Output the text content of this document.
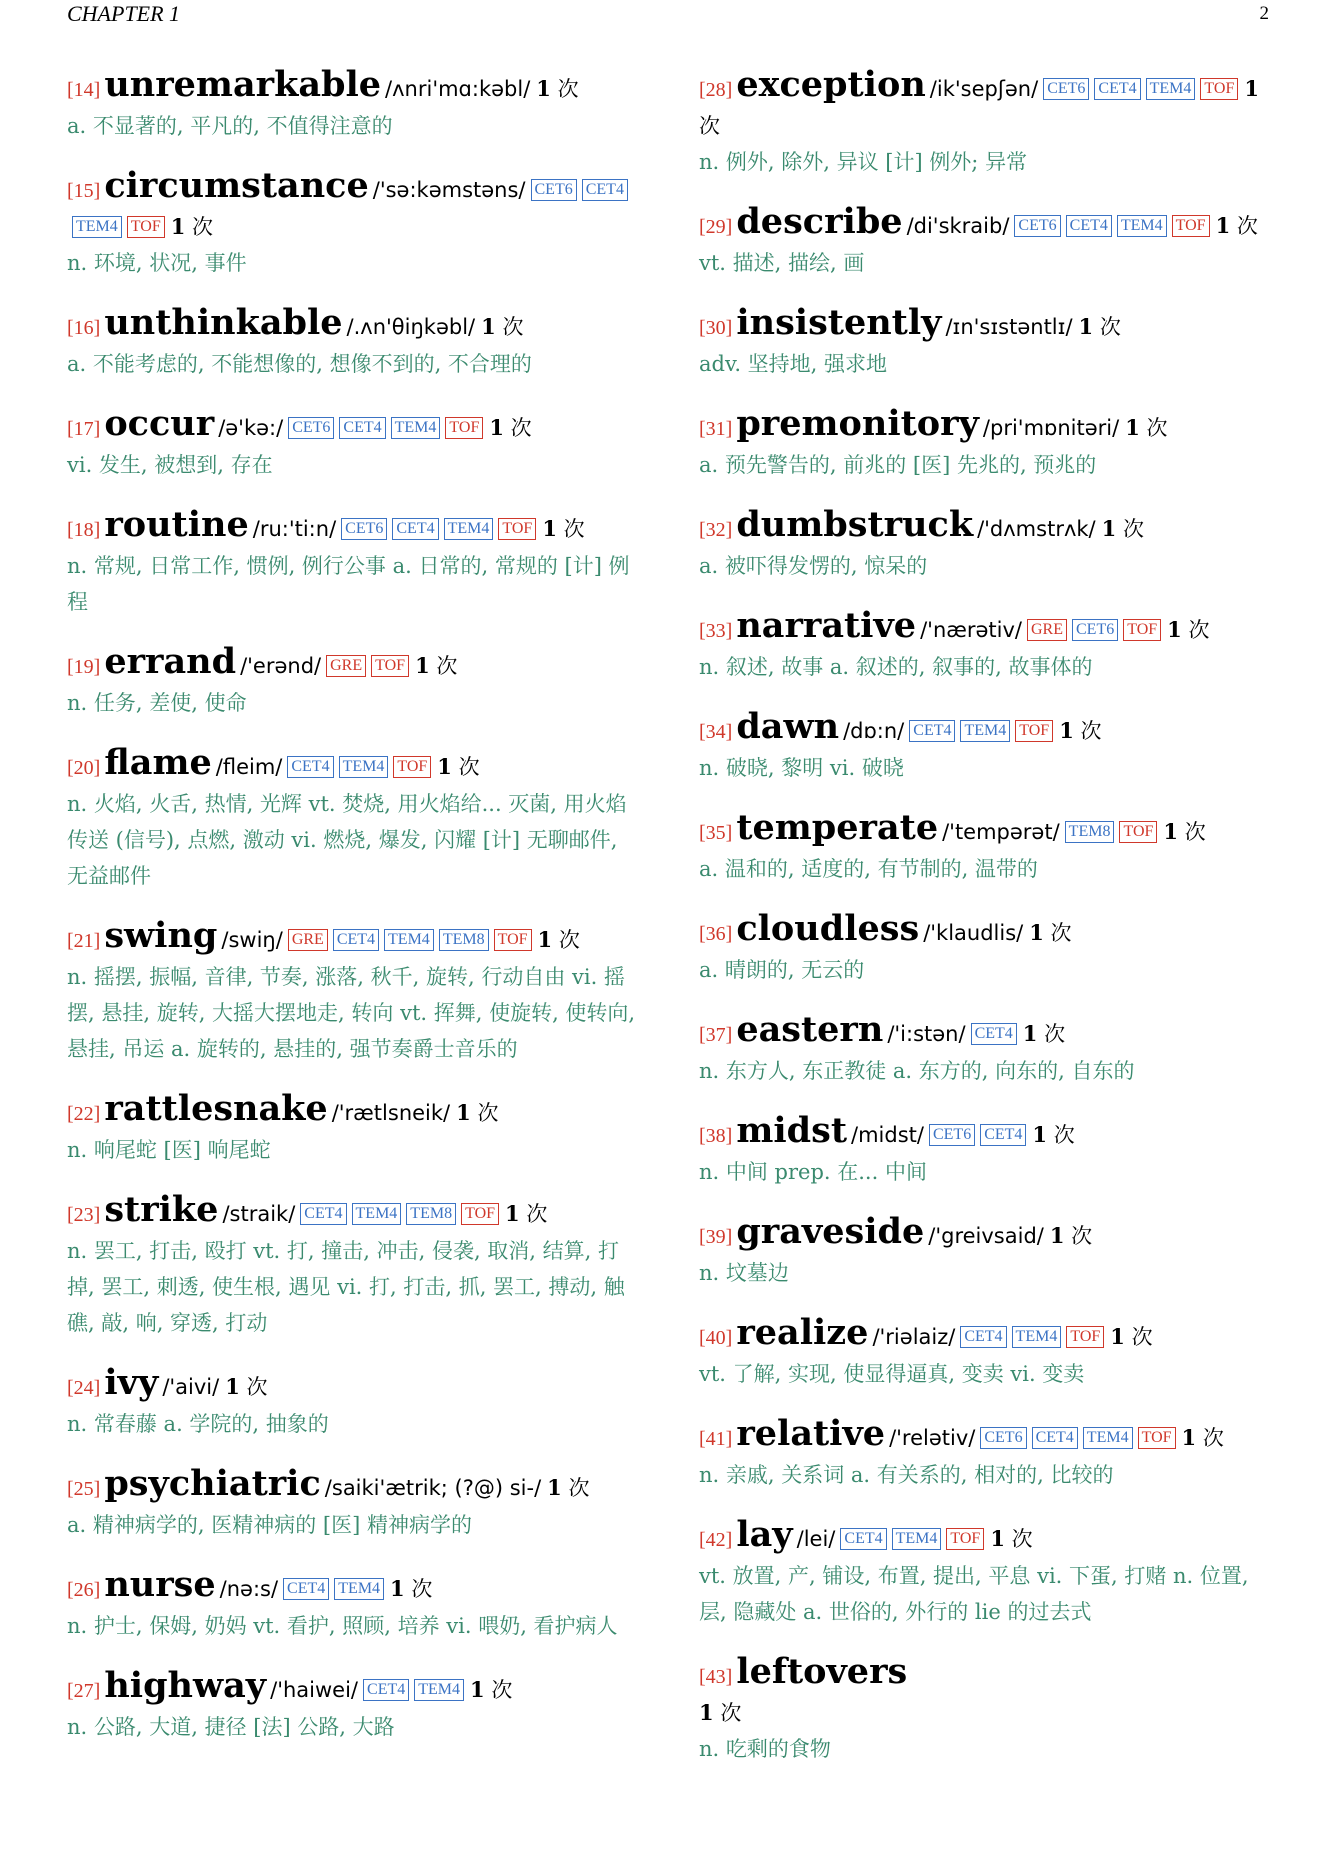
CHAPTER 1	2
[14] unremarkable /ʌnri'mɑ:kəbl/ 1 次
a. 不显著的, 平凡的, 不值得注意的
[15] circumstance /'sə:kəmstəns/ CET6 CET4TEM4 TOF 1 次
n. 环境, 状况, 事件
[16] unthinkable /.ʌn'θiŋkəbl/ 1 次
a. 不能考虑的, 不能想像的, 想像不到的, 不合理的
[17] occur /ə'kə:/ CET6 CET4 TEM4 TOF 1 次
vi. 发生, 被想到, 存在
[18] routine /ru:'ti:n/ CET6 CET4 TEM4 TOF 1 次
n. 常规, 日常工作, 惯例, 例行公事 a. 日常的, 常规的 [计] 例程
[19] errand /'erənd/ GRE TOF 1 次
n. 任务, 差使, 使命
[20] flame /fleim/ CET4 TEM4 TOF 1 次
n. 火焰, 火舌, 热情, 光辉 vt. 焚烧, 用火焰给... 灭菌, 用火焰传送 (信号), 点燃, 激动 vi. 燃烧, 爆发, 闪耀 [计] 无聊邮件, 无益邮件
[21] swing /swiŋ/ GRE CET4 TEM4 TEM8 TOF 1 次
n. 摇摆, 振幅, 音律, 节奏, 涨落, 秋千, 旋转, 行动自由 vi. 摇摆, 悬挂, 旋转, 大摇大摆地走, 转向 vt. 挥舞, 使旋转, 使转向, 悬挂, 吊运 a. 旋转的, 悬挂的, 强节奏爵士音乐的
[22] rattlesnake /'rætlsneik/ 1 次
n. 响尾蛇 [医] 响尾蛇
[23] strike /straik/ CET4 TEM4 TEM8 TOF 1 次
n. 罢工, 打击, 殴打 vt. 打, 撞击, 冲击, 侵袭, 取消, 结算, 打掉, 罢工, 刺透, 使生根, 遇见 vi. 打, 打击, 抓, 罢工, 搏动, 触礁, 敲, 响, 穿透, 打动
[24] ivy /'aivi/ 1 次
n. 常春藤 a. 学院的, 抽象的
[25] psychiatric /saiki'ætrik; (?@) si-/ 1 次
a. 精神病学的, 医精神病的 [医] 精神病学的
[26] nurse /nə:s/ CET4 TEM4 1 次
n. 护士, 保姆, 奶妈 vt. 看护, 照顾, 培养 vi. 喂奶, 看护病人
[27] highway /'haiwei/ CET4 TEM4 1 次
n. 公路, 大道, 捷径 [法] 公路, 大路
[28] exception /ik'sepʃən/ CET6 CET4 TEM4 TOF 1 次
n. 例外, 除外, 异议 [计] 例外; 异常
[29] describe /di'skraib/ CET6 CET4 TEM4 TOF 1 次
vt. 描述, 描绘, 画
[30] insistently /ɪn'sɪstəntlɪ/ 1 次
adv. 坚持地, 强求地
[31] premonitory /pri'mɒnitəri/ 1 次
a. 预先警告的, 前兆的 [医] 先兆的, 预兆的
[32] dumbstruck /'dʌmstrʌk/ 1 次
a. 被吓得发愣的, 惊呆的
[33] narrative /'nærətiv/ GRE CET6 TOF 1 次
n. 叙述, 故事 a. 叙述的, 叙事的, 故事体的
[34] dawn /dɒ:n/ CET4 TEM4 TOF 1 次
n. 破晓, 黎明 vi. 破晓
[35] temperate /'tempərət/ TEM8 TOF 1 次
a. 温和的, 适度的, 有节制的, 温带的
[36] cloudless /'klaudlis/ 1 次
a. 晴朗的, 无云的
[37] eastern /'i:stən/ CET4 1 次
n. 东方人, 东正教徒 a. 东方的, 向东的, 自东的
[38] midst /midst/ CET6 CET4 1 次
n. 中间 prep. 在... 中间
[39] graveside /'greivsaid/ 1 次
n. 坟墓边
[40] realize /'riəlaiz/ CET4 TEM4 TOF 1 次
vt. 了解, 实现, 使显得逼真, 变卖 vi. 变卖
[41] relative /'relətiv/ CET6 CET4 TEM4 TOF 1 次
n. 亲戚, 关系词 a. 有关系的, 相对的, 比较的
[42] lay /lei/ CET4 TEM4 TOF 1 次
vt. 放置, 产, 铺设, 布置, 提出, 平息 vi. 下蛋, 打赌 n. 位置, 层, 隐藏处 a. 世俗的, 外行的 lie 的过去式
[43] leftovers
1 次
n. 吃剩的食物
